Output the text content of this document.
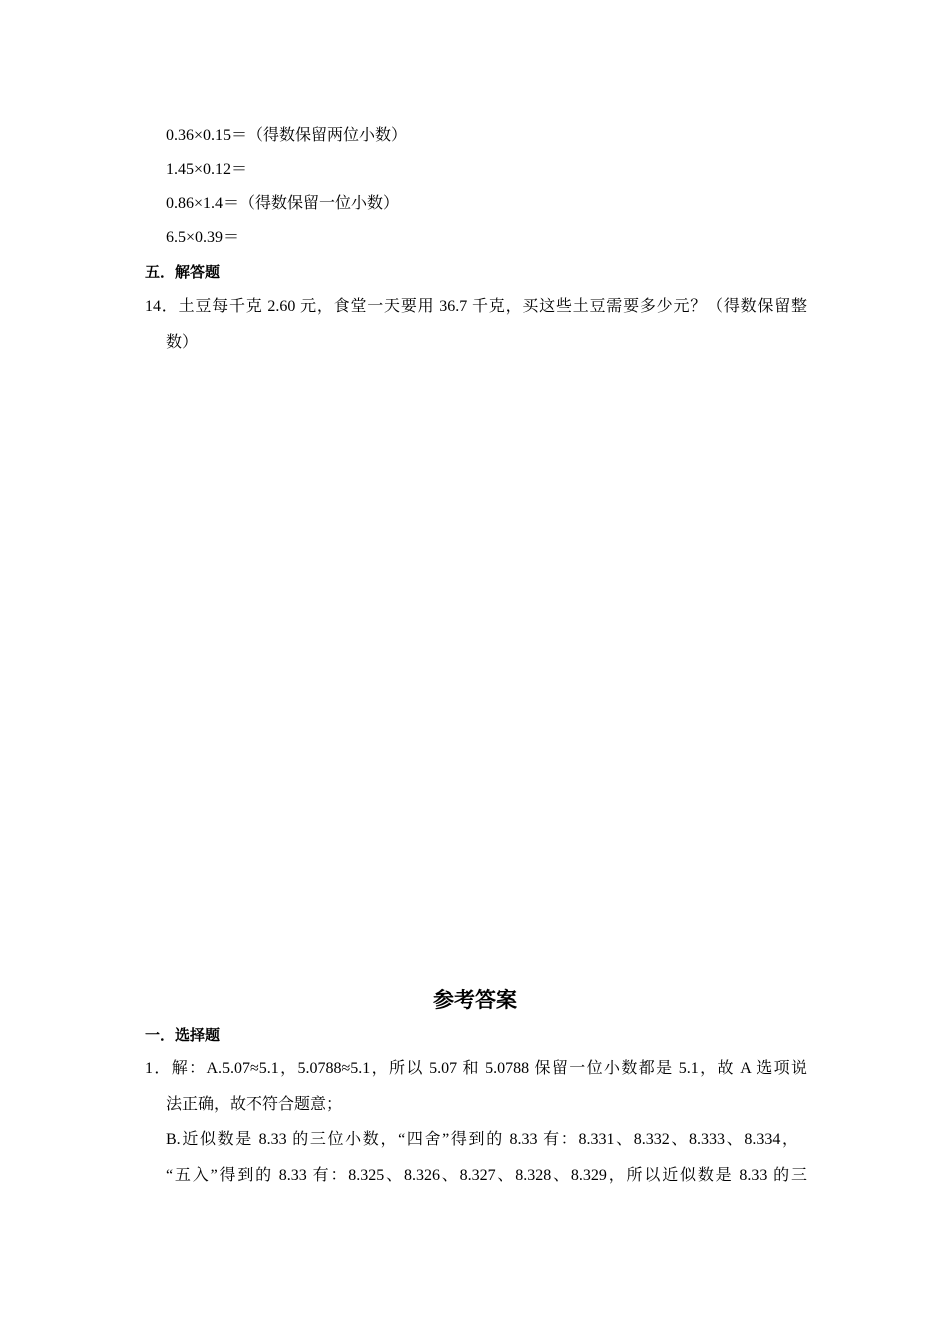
0.36×0.15＝（得数保留两位小数）
1.45×0.12＝
0.86×1.4＝（得数保留一位小数）
6.5×0.39＝
五．解答题
14．土豆每千克 2.60 元，食堂一天要用 36.7 千克，买这些土豆需要多少元？（得数保留整
数）
参考答案
一．选择题
1．解：A.5.07≈5.1，5.0788≈5.1，所以 5.07 和 5.0788 保留一位小数都是 5.1，故 A 选项说
法正确，故不符合题意；
B.近似数是 8.33 的三位小数，“四舍”得到的 8.33 有：8.331、8.332、8.333、8.334，
“五入”得到的 8.33 有：8.325、8.326、8.327、8.328、8.329，所以近似数是 8.33 的三
